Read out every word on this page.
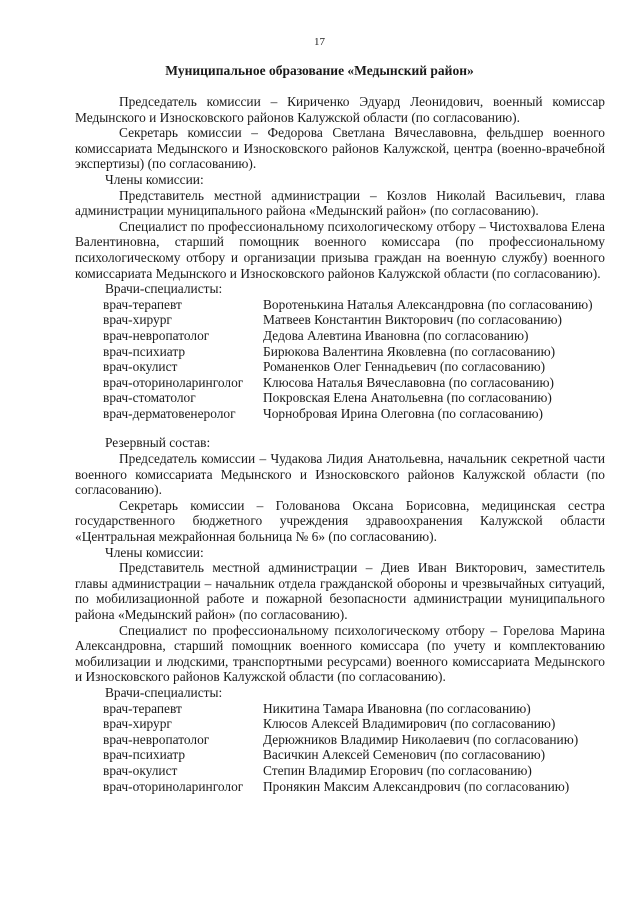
17
Муниципальное образование «Медынский район»

Председатель комиссии – Кириченко Эдуард Леонидович, военный комиссар Медынского и Износковского районов Калужской области (по согласованию).

Секретарь комиссии – Федорова Светлана Вячеславовна, фельдшер военного комиссариата Медынского и Износковского районов Калужской, центра (военно-врачебной экспертизы) (по согласованию).

Члены комиссии:

Представитель местной администрации – Козлов Николай Васильевич, глава администрации муниципального района «Медынский район» (по согласованию).

Специалист по профессиональному психологическому отбору – Чистохвалова Елена Валентиновна, старший помощник военного комиссара (по профессиональному психологическому отбору и организации призыва граждан на военную службу) военного комиссариата Медынского и Износковского районов Калужской области (по согласованию).

Врачи-специалисты:

врач-терапевт	Воротенькина Наталья Александровна (по согласованию)
врач-хирург	Матвеев Константин Викторович (по согласованию)
врач-невропатолог	Дедова Алевтина Ивановна (по согласованию)
врач-психиатр	Бирюкова Валентина Яковлевна (по согласованию)
врач-окулист	Романенков Олег Геннадьевич (по согласованию)
врач-оториноларинголог	Клюсова Наталья Вячеславовна (по согласованию)
врач-стоматолог	Покровская Елена Анатольевна (по согласованию)
врач-дерматовенеролог	Чорнобровая Ирина Олеговна (по согласованию)

Резервный состав:

Председатель комиссии – Чудакова Лидия Анатольевна, начальник секретной части военного комиссариата Медынского и Износковского районов Калужской области (по согласованию).

Секретарь комиссии – Голованова Оксана Борисовна, медицинская сестра государственного бюджетного учреждения здравоохранения Калужской области «Центральная межрайонная больница № 6» (по согласованию).

Члены комиссии:

Представитель местной администрации – Диев Иван Викторович, заместитель главы администрации – начальник отдела гражданской обороны и чрезвычайных ситуаций, по мобилизационной работе и пожарной безопасности администрации муниципального района «Медынский район» (по согласованию).

Специалист по профессиональному психологическому отбору – Горелова Марина Александровна, старший помощник военного комиссара (по учету и комплектованию мобилизации и людскими, транспортными ресурсами) военного комиссариата Медынского и Износковского районов Калужской области (по согласованию).

Врачи-специалисты:

врач-терапевт	Никитина Тамара Ивановна (по согласованию)
врач-хирург	Клюсов Алексей Владимирович (по согласованию)
врач-невропатолог	Дерюжников Владимир Николаевич (по согласованию)
врач-психиатр	Васичкин Алексей Семенович (по согласованию)
врач-окулист	Степин Владимир Егорович (по согласованию)
врач-оториноларинголог	Пронякин Максим Александрович (по согласованию)
